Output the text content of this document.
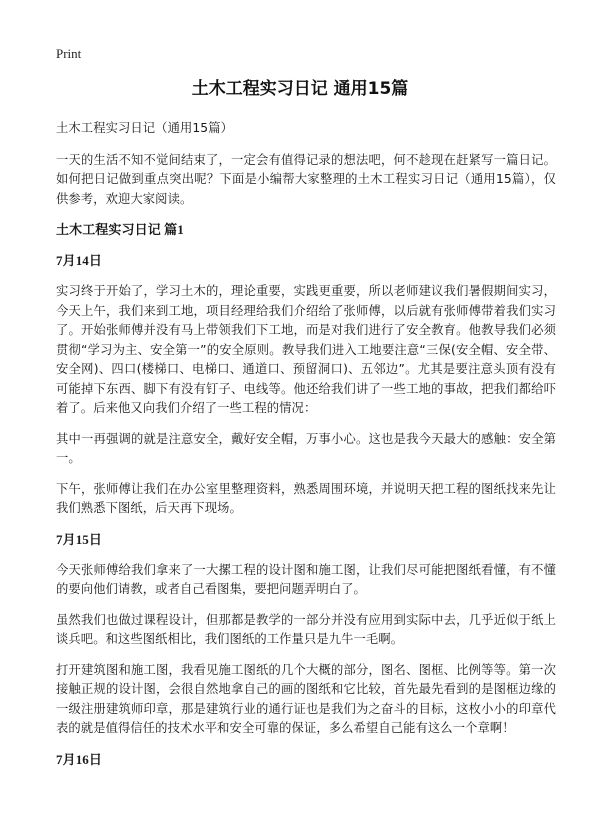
Print
土木工程实习日记 通用15篇

土木工程实习日记（通用15篇）

一天的生活不知不觉间结束了，一定会有值得记录的想法吧，何不趁现在赶紧写一篇日记。如何把日记做到重点突出呢？下面是小编帮大家整理的土木工程实习日记（通用15篇），仅供参考，欢迎大家阅读。

土木工程实习日记 篇1
7月14日

实习终于开始了，学习土木的，理论重要，实践更重要，所以老师建议我们暑假期间实习，今天上午，我们来到工地，项目经理给我们介绍给了张师傅，以后就有张师傅带着我们实习了。开始张师傅并没有马上带领我们下工地，而是对我们进行了安全教育。他教导我们必须贯彻“学习为主、安全第一”的安全原则。教导我们进入工地要注意“三保(安全帽、安全带、安全网)、四口(楼梯口、电梯口、通道口、预留洞口)、五邻边”。尤其是要注意头顶有没有可能掉下东西、脚下有没有钉子、电线等。他还给我们讲了一些工地的事故，把我们都给吓着了。后来他又向我们介绍了一些工程的情况：

其中一再强调的就是注意安全，戴好安全帽，万事小心。这也是我今天最大的感触：安全第一。

下午，张师傅让我们在办公室里整理资料，熟悉周围环境，并说明天把工程的图纸找来先让我们熟悉下图纸，后天再下现场。

7月15日

今天张师傅给我们拿来了一大摞工程的设计图和施工图，让我们尽可能把图纸看懂，有不懂的要向他们请教，或者自己看图集，要把问题弄明白了。

虽然我们也做过课程设计，但那都是教学的一部分并没有应用到实际中去，几乎近似于纸上谈兵吧。和这些图纸相比，我们图纸的工作量只是九牛一毛啊。

打开建筑图和施工图，我看见施工图纸的几个大概的部分，图名、图框、比例等等。第一次接触正规的设计图，会很自然地拿自己的画的图纸和它比较，首先最先看到的是图框边缘的一级注册建筑师印章，那是建筑行业的通行证也是我们为之奋斗的目标，这枚小小的印章代表的就是值得信任的技术水平和安全可靠的保证，多么希望自己能有这么一个章啊！

7月16日
